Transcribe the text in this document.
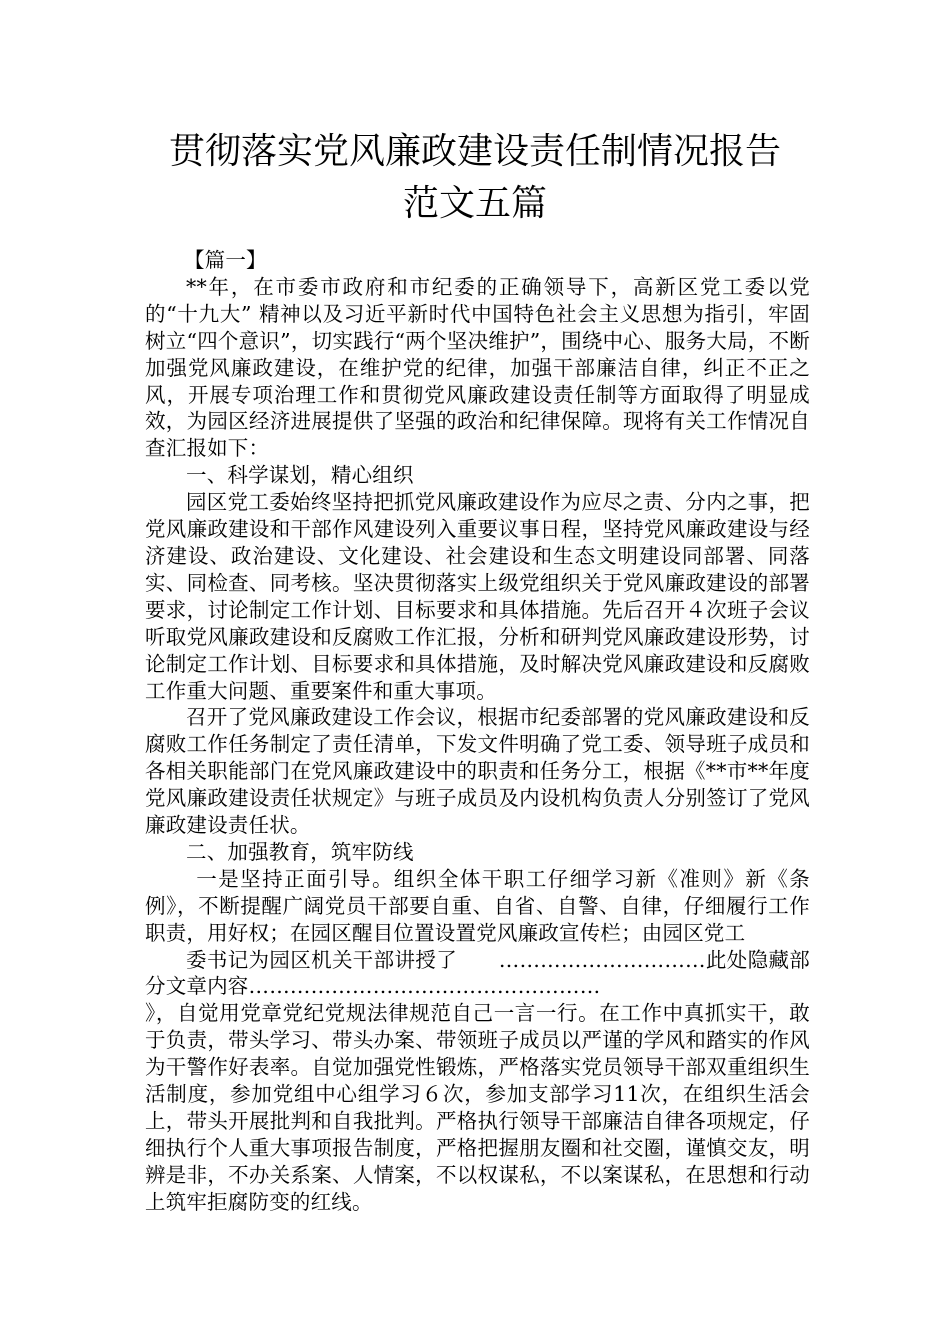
贯彻落实党风廉政建设责任制情况报告
范文五篇

【篇一】

**年，在市委市政府和市纪委的正确领导下，高新区党工委以党的“十九大” 精神以及习近平新时代中国特色社会主义思想为指引，牢固树立“四个意识”，切实践行“两个坚决维护”，围绕中心、服务大局，不断加强党风廉政建设，在维护党的纪律，加强干部廉洁自律，纠正不正之风，开展专项治理工作和贯彻党风廉政建设责任制等方面取得了明显成效，为园区经济进展提供了坚强的政治和纪律保障。现将有关工作情况自查汇报如下：

一、科学谋划，精心组织

园区党工委始终坚持把抓党风廉政建设作为应尽之责、分内之事，把党风廉政建设和干部作风建设列入重要议事日程，坚持党风廉政建设与经济建设、政治建设、文化建设、社会建设和生态文明建设同部署、同落实、同检查、同考核。坚决贯彻落实上级党组织关于党风廉政建设的部署要求，讨论制定工作计划、目标要求和具体措施。先后召开４次班子会议听取党风廉政建设和反腐败工作汇报，分析和研判党风廉政建设形势，讨论制定工作计划、目标要求和具体措施，及时解决党风廉政建设和反腐败工作重大问题、重要案件和重大事项。

召开了党风廉政建设工作会议，根据市纪委部署的党风廉政建设和反腐败工作任务制定了责任清单，下发文件明确了党工委、领导班子成员和各相关职能部门在党风廉政建设中的职责和任务分工，根据《**市**年度党风廉政建设责任状规定》与班子成员及内设机构负责人分别签订了党风廉政建设责任状。

二、加强教育，筑牢防线

一是坚持正面引导。组织全体干职工仔细学习新《准则》新《条例》，不断提醒广阔党员干部要自重、自省、自警、自律，仔细履行工作职责，用好权；在园区醒目位置设置党风廉政宣传栏；由园区党工

委书记为园区机关干部讲授了　　…………………………此处隐藏部分文章内容……………………………………………

》，自觉用党章党纪党规法律规范自己一言一行。在工作中真抓实干，敢于负责，带头学习、带头办案、带领班子成员以严谨的学风和踏实的作风为干警作好表率。自觉加强党性锻炼，严格落实党员领导干部双重组织生活制度，参加党组中心组学习６次，参加支部学习11次，在组织生活会上，带头开展批判和自我批判。严格执行领导干部廉洁自律各项规定，仔细执行个人重大事项报告制度，严格把握朋友圈和社交圈，谨慎交友，明辨是非，不办关系案、人情案，不以权谋私，不以案谋私，在思想和行动上筑牢拒腐防变的红线。
